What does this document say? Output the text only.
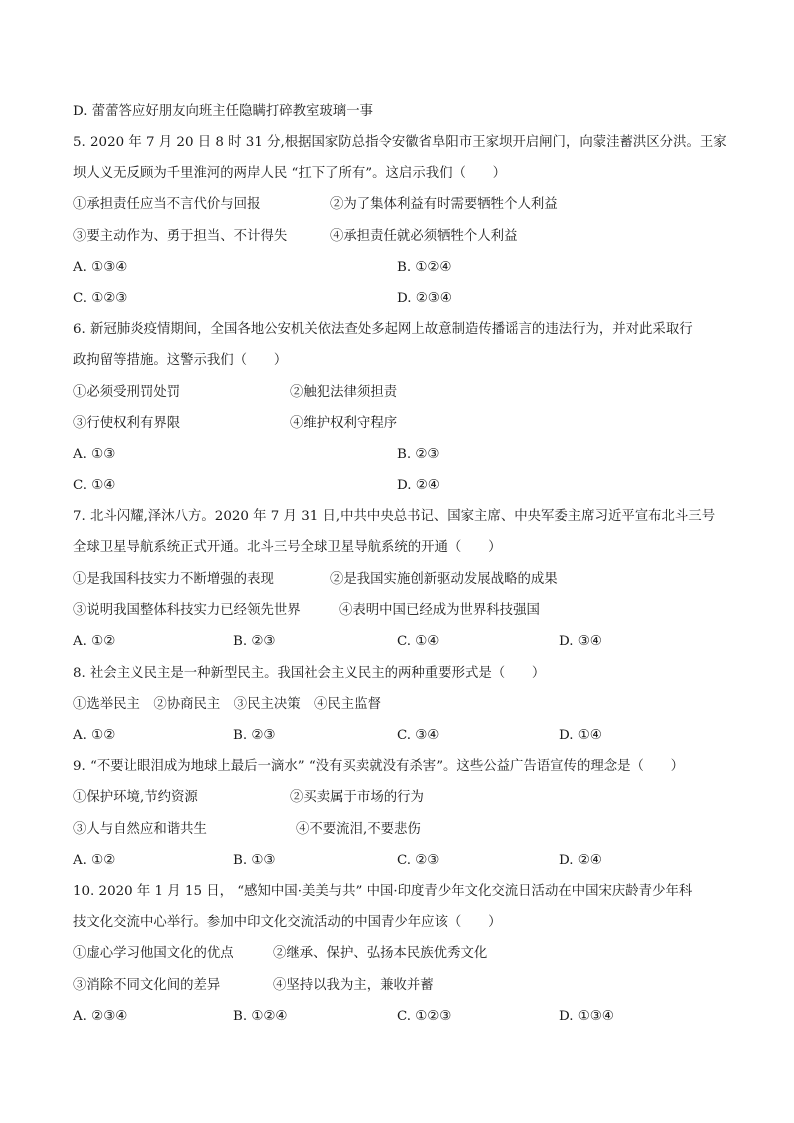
D. 蕾蕾答应好朋友向班主任隐瞒打碎教室玻璃一事
5. 2020 年 7 月 20 日 8 时 31 分,根据国家防总指令安徽省阜阳市王家坝开启闸门，向蒙洼蓄洪区分洪。王家
坝人义无反顾为千里淮河的两岸人民 “扛下了所有”。这启示我们（　　）
①承担责任应当不言代价与回报	②为了集体利益有时需要牺牲个人利益
③要主动作为、勇于担当、不计得失	④承担责任就必须牺牲个人利益
A. ①③④	B. ①②④
C. ①②③	D. ②③④
6. 新冠肺炎疫情期间，全国各地公安机关依法查处多起网上故意制造传播谣言的违法行为，并对此采取行
政拘留等措施。这警示我们（　　）
①必须受刑罚处罚	②触犯法律须担责
③行使权利有界限	④维护权利守程序
A. ①③	B. ②③
C. ①④	D. ②④
7. 北斗闪耀,泽沐八方。2020 年 7 月 31 日,中共中央总书记、国家主席、中央军委主席习近平宣布北斗三号
全球卫星导航系统正式开通。北斗三号全球卫星导航系统的开通（　　）
①是我国科技实力不断增强的表现	②是我国实施创新驱动发展战略的成果
③说明我国整体科技实力已经领先世界	④表明中国已经成为世界科技强国
A. ①②	B. ②③	C. ①④	D. ③④
8. 社会主义民主是一种新型民主。我国社会主义民主的两种重要形式是（　　）
①选举民主　②协商民主　③民主决策　④民主监督
A. ①②	B. ②③	C. ③④	D. ①④
9. “不要让眼泪成为地球上最后一滴水” “没有买卖就没有杀害”。这些公益广告语宣传的理念是（　　）
①保护环境,节约资源	②买卖属于市场的行为
③人与自然应和谐共生	④不要流泪,不要悲伤
A. ①②	B. ①③	C. ②③	D. ②④
10. 2020 年 1 月 15 日， “感知中国·美美与共” 中国·印度青少年文化交流日活动在中国宋庆龄青少年科
技文化交流中心举行。参加中印文化交流活动的中国青少年应该（　　）
①虚心学习他国文化的优点	②继承、保护、弘扬本民族优秀文化
③消除不同文化间的差异	④坚持以我为主，兼收并蓄
A. ②③④	B. ①②④	C. ①②③	D. ①③④
